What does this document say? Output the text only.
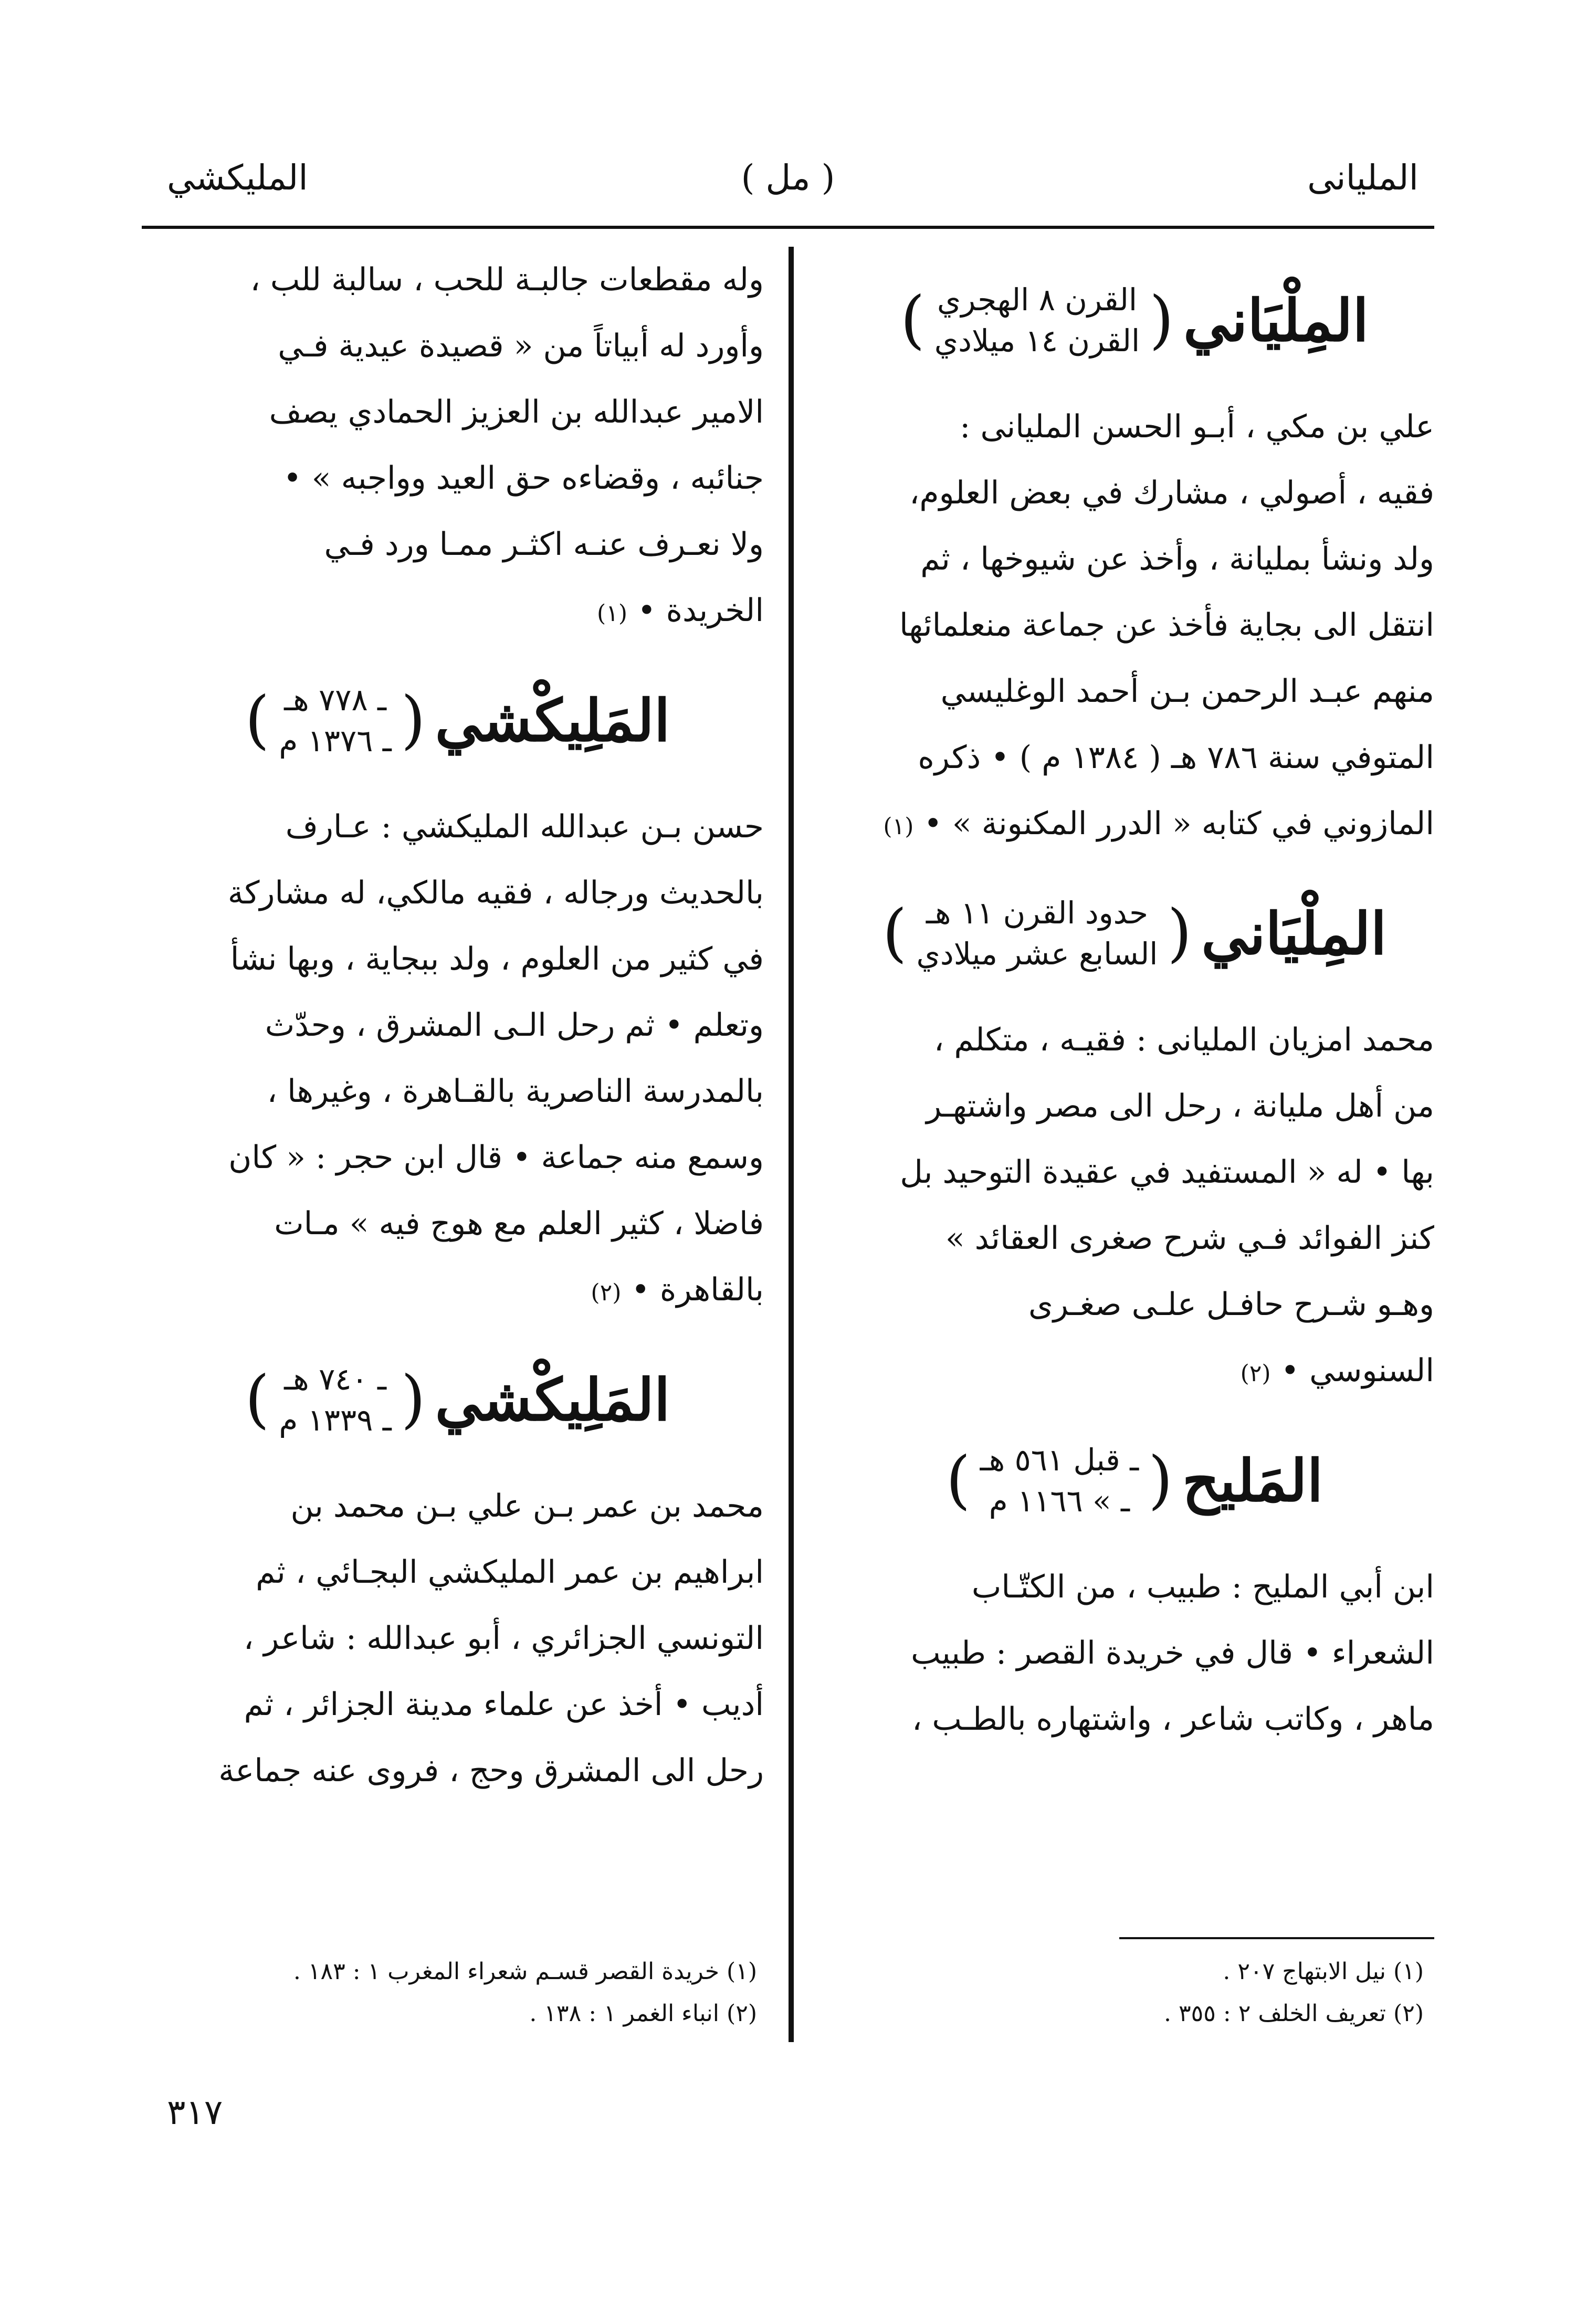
المليانى
( مل )
المليكشي
المِلْيَاني
(
القرن ٨ الهجري
القرن ١٤ ميلادي
)
علي بن مكي ، أبـو الحسن المليانى :
فقيه ، أصولي ، مشارك في بعض العلوم،
ولد ونشأ بمليانة ، وأخذ عن شيوخها ، ثم
انتقل الى بجاية فأخذ عن جماعة منعلمائها
منهم عبـد الرحمن بـن أحمد الوغليسي
المتوفي سنة ٧٨٦ هـ ( ١٣٨٤ م ) • ذكره
المازوني في كتابه « الدرر المكنونة » • (١)
المِلْيَاني
(
حدود القرن ١١ هـ
السابع عشر ميلادي
)
محمد امزيان المليانى : فقيـه ، متكلم ،
من أهل مليانة ، رحل الى مصر واشتهـر
بها • له « المستفيد في عقيدة التوحيد بل
كنز الفوائد فـي شرح صغرى العقائد »
وهـو شـرح حافـل علـى صغـرى
السنوسي • (٢)
المَليح
(
ـ قبل ٥٦١ هـ
ـ » ١١٦٦ م
)
ابن أبي المليح : طبيب ، من الكتّـاب
الشعراء • قال في خريدة القصر : طبيب
ماهر ، وكاتب شاعر ، واشتهاره بالطـب ،
وله مقطعات جالبـة للحب ، سالبة للب ،
وأورد له أبياتاً من « قصيدة عيدية فـي
الامير عبدالله بن العزيز الحمادي يصف
جنائبه ، وقضاءه حق العيد وواجبه » •
ولا نعـرف عنـه اكثـر ممـا ورد فـي
الخريدة • (١)
المَلِيكْشي
(
ـ ٧٧٨ هـ
ـ ١٣٧٦ م
)
حسن بـن عبدالله المليكشي : عـارف
بالحديث ورجاله ، فقيه مالكي، له مشاركة
في كثير من العلوم ، ولد ببجاية ، وبها نشأ
وتعلم • ثم رحل الـى المشرق ، وحدّث
بالمدرسة الناصرية بالقـاهرة ، وغيرها ،
وسمع منه جماعة • قال ابن حجر : « كان
فاضلا ، كثير العلم مع هوج فيه » مـات
بالقاهرة • (٢)
المَلِيكْشي
(
ـ ٧٤٠ هـ
ـ ١٣٣٩ م
)
محمد بن عمر بـن علي بـن محمد بن
ابراهيم بن عمر المليكشي البجـائي ، ثم
التونسي الجزائري ، أبو عبدالله : شاعر ،
أديب • أخذ عن علماء مدينة الجزائر ، ثم
رحل الى المشرق وحج ، فروى عنه جماعة
(١) نيل الابتهاج ٢٠٧ .
(٢) تعريف الخلف ٢ : ٣٥٥ .
(١) خريدة القصر قسـم شعراء المغرب ١ : ١٨٣ .
(٢) انباء الغمر ١ : ١٣٨ .
٣١٧
